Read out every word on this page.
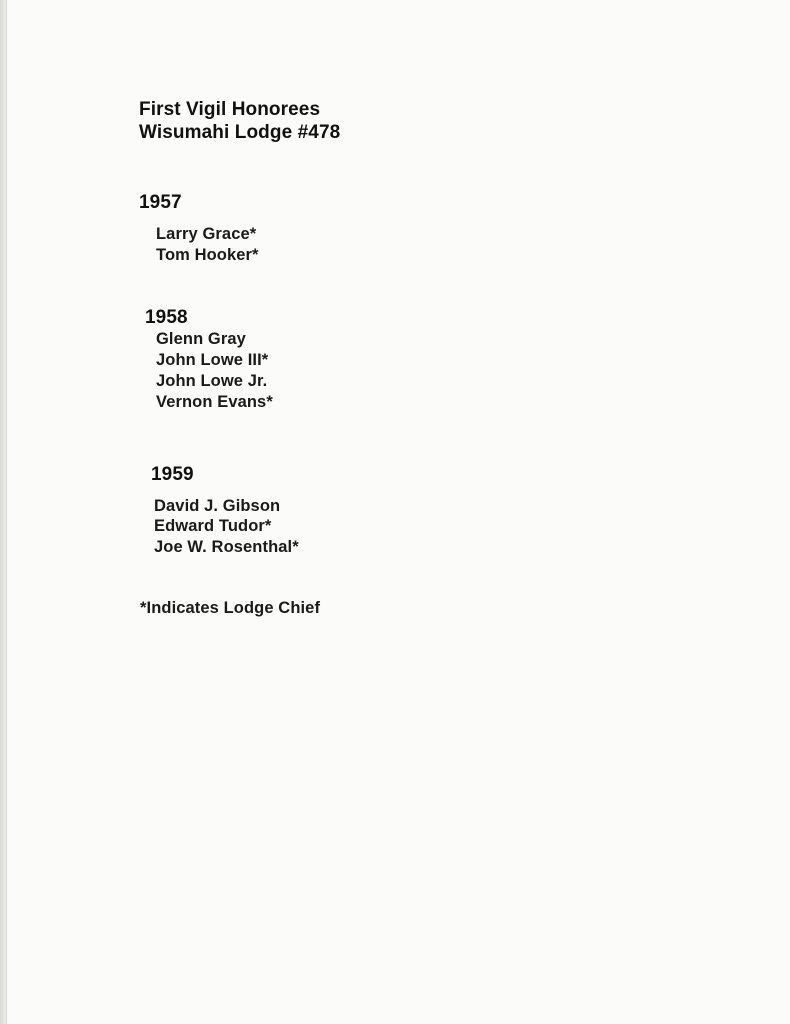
First Vigil Honorees
Wisumahi Lodge #478
1957
Larry Grace*
Tom Hooker*
1958
Glenn Gray
John Lowe III*
John Lowe Jr.
Vernon Evans*
1959
David J. Gibson
Edward Tudor*
Joe W. Rosenthal*
*Indicates Lodge Chief
